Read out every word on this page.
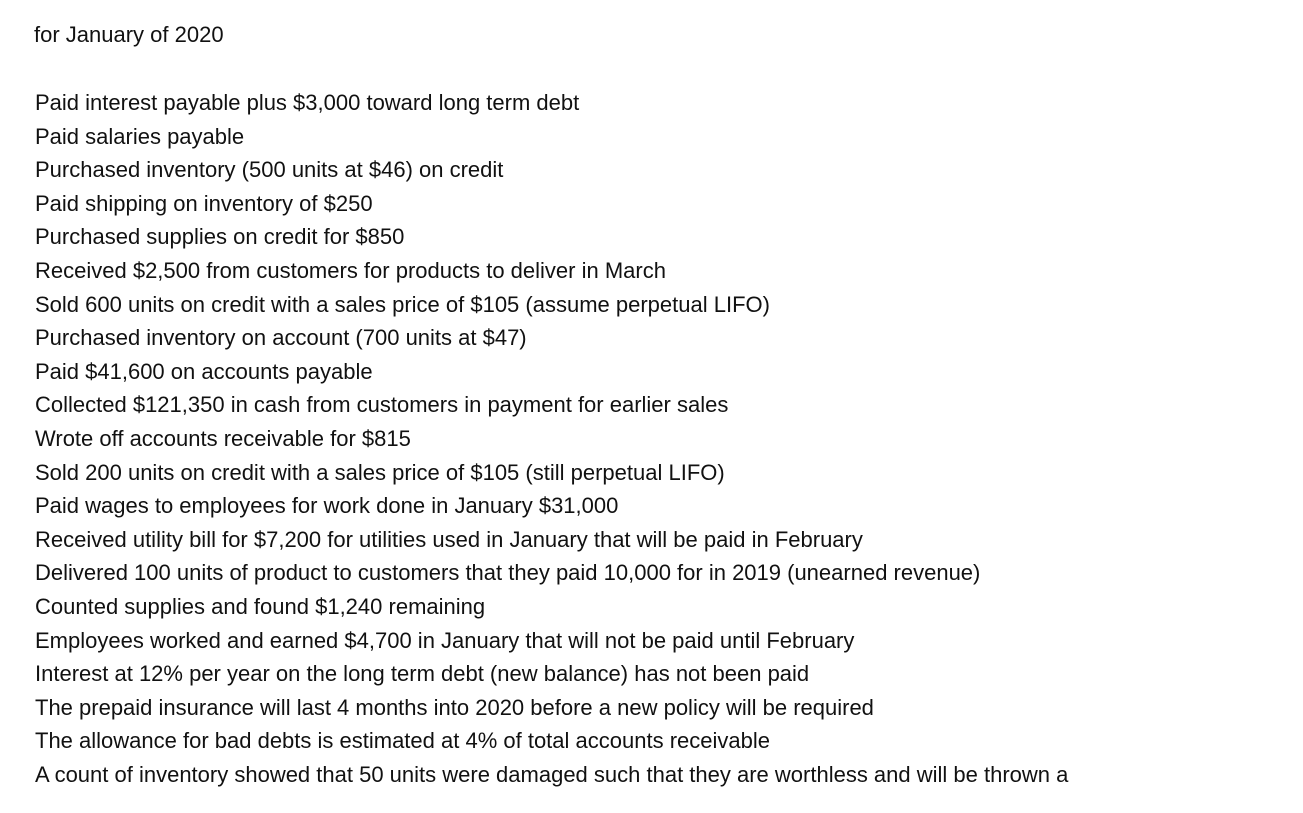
for January of 2020
Paid interest payable plus $3,000 toward long term debt
Paid salaries payable
Purchased inventory (500 units at $46) on credit
Paid shipping on inventory of $250
Purchased supplies on credit for $850
Received $2,500 from customers for products to deliver in March
Sold 600 units on credit with a sales price of $105 (assume perpetual LIFO)
Purchased inventory on account (700 units at $47)
Paid $41,600 on accounts payable
Collected $121,350 in cash from customers in payment for earlier sales
Wrote off accounts receivable for $815
Sold 200 units on credit with a sales price of $105 (still perpetual LIFO)
Paid wages to employees for work done in January $31,000
Received utility bill for $7,200 for utilities used in January that will be paid in February
Delivered 100 units of product to customers that they paid 10,000 for in 2019 (unearned revenue)
Counted supplies and found $1,240 remaining
Employees worked and earned $4,700 in January that will not be paid until February
Interest at 12% per year on the long term debt (new balance) has not been paid
The prepaid insurance will last 4 months into 2020 before a new policy will be required
The allowance for bad debts is estimated at 4% of total accounts receivable
A count of inventory showed that 50 units were damaged such that they are worthless and will be thrown a
